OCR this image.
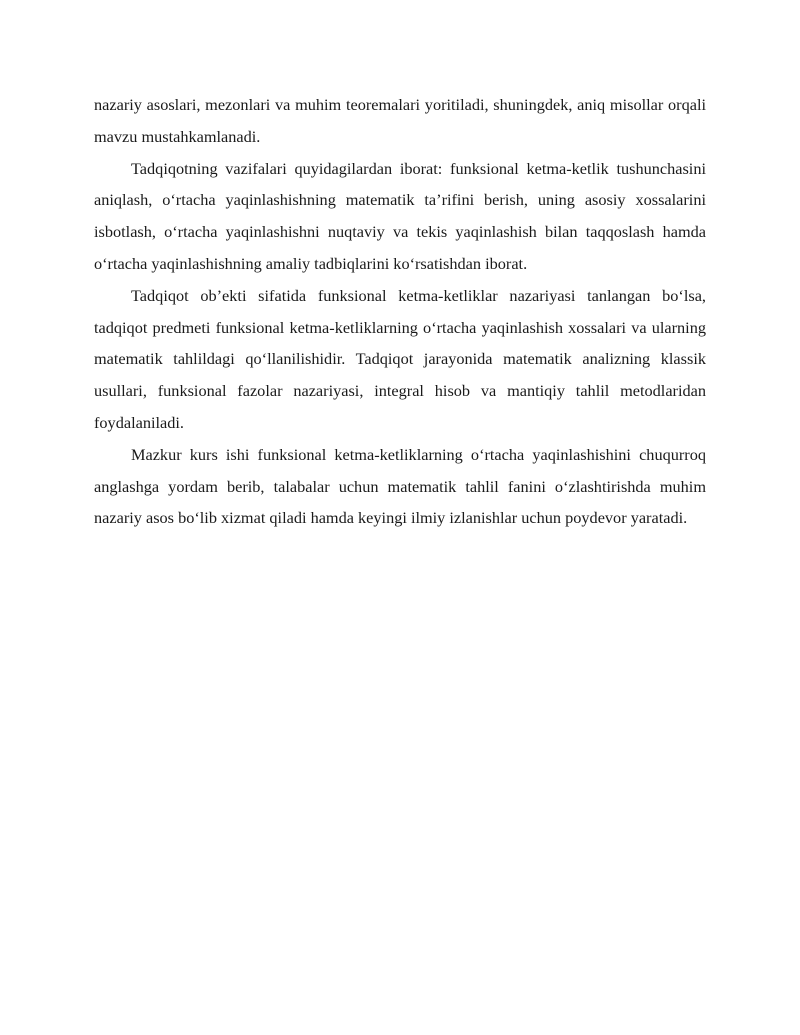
nazariy asoslari, mezonlari va muhim teoremalari yoritiladi, shuningdek, aniq misollar orqali mavzu mustahkamlanadi.

Tadqiqotning vazifalari quyidagilardan iborat: funksional ketma-ketlik tushunchasini aniqlash, o‘rtacha yaqinlashishning matematik ta’rifini berish, uning asosiy xossalarini isbotlash, o‘rtacha yaqinlashishni nuqtaviy va tekis yaqinlashish bilan taqqoslash hamda o‘rtacha yaqinlashishning amaliy tadbiqlarini ko‘rsatishdan iborat.

Tadqiqot ob’ekti sifatida funksional ketma-ketliklar nazariyasi tanlangan bo‘lsa, tadqiqot predmeti funksional ketma-ketliklarning o‘rtacha yaqinlashish xossalari va ularning matematik tahlildagi qo‘llanilishidir. Tadqiqot jarayonida matematik analizning klassik usullari, funksional fazolar nazariyasi, integral hisob va mantiqiy tahlil metodlaridan foydalaniladi.

Mazkur kurs ishi funksional ketma-ketliklarning o‘rtacha yaqinlashishini chuqurroq anglashga yordam berib, talabalar uchun matematik tahlil fanini o‘zlashtirishda muhim nazariy asos bo‘lib xizmat qiladi hamda keyingi ilmiy izlanishlar uchun poydevor yaratadi.
